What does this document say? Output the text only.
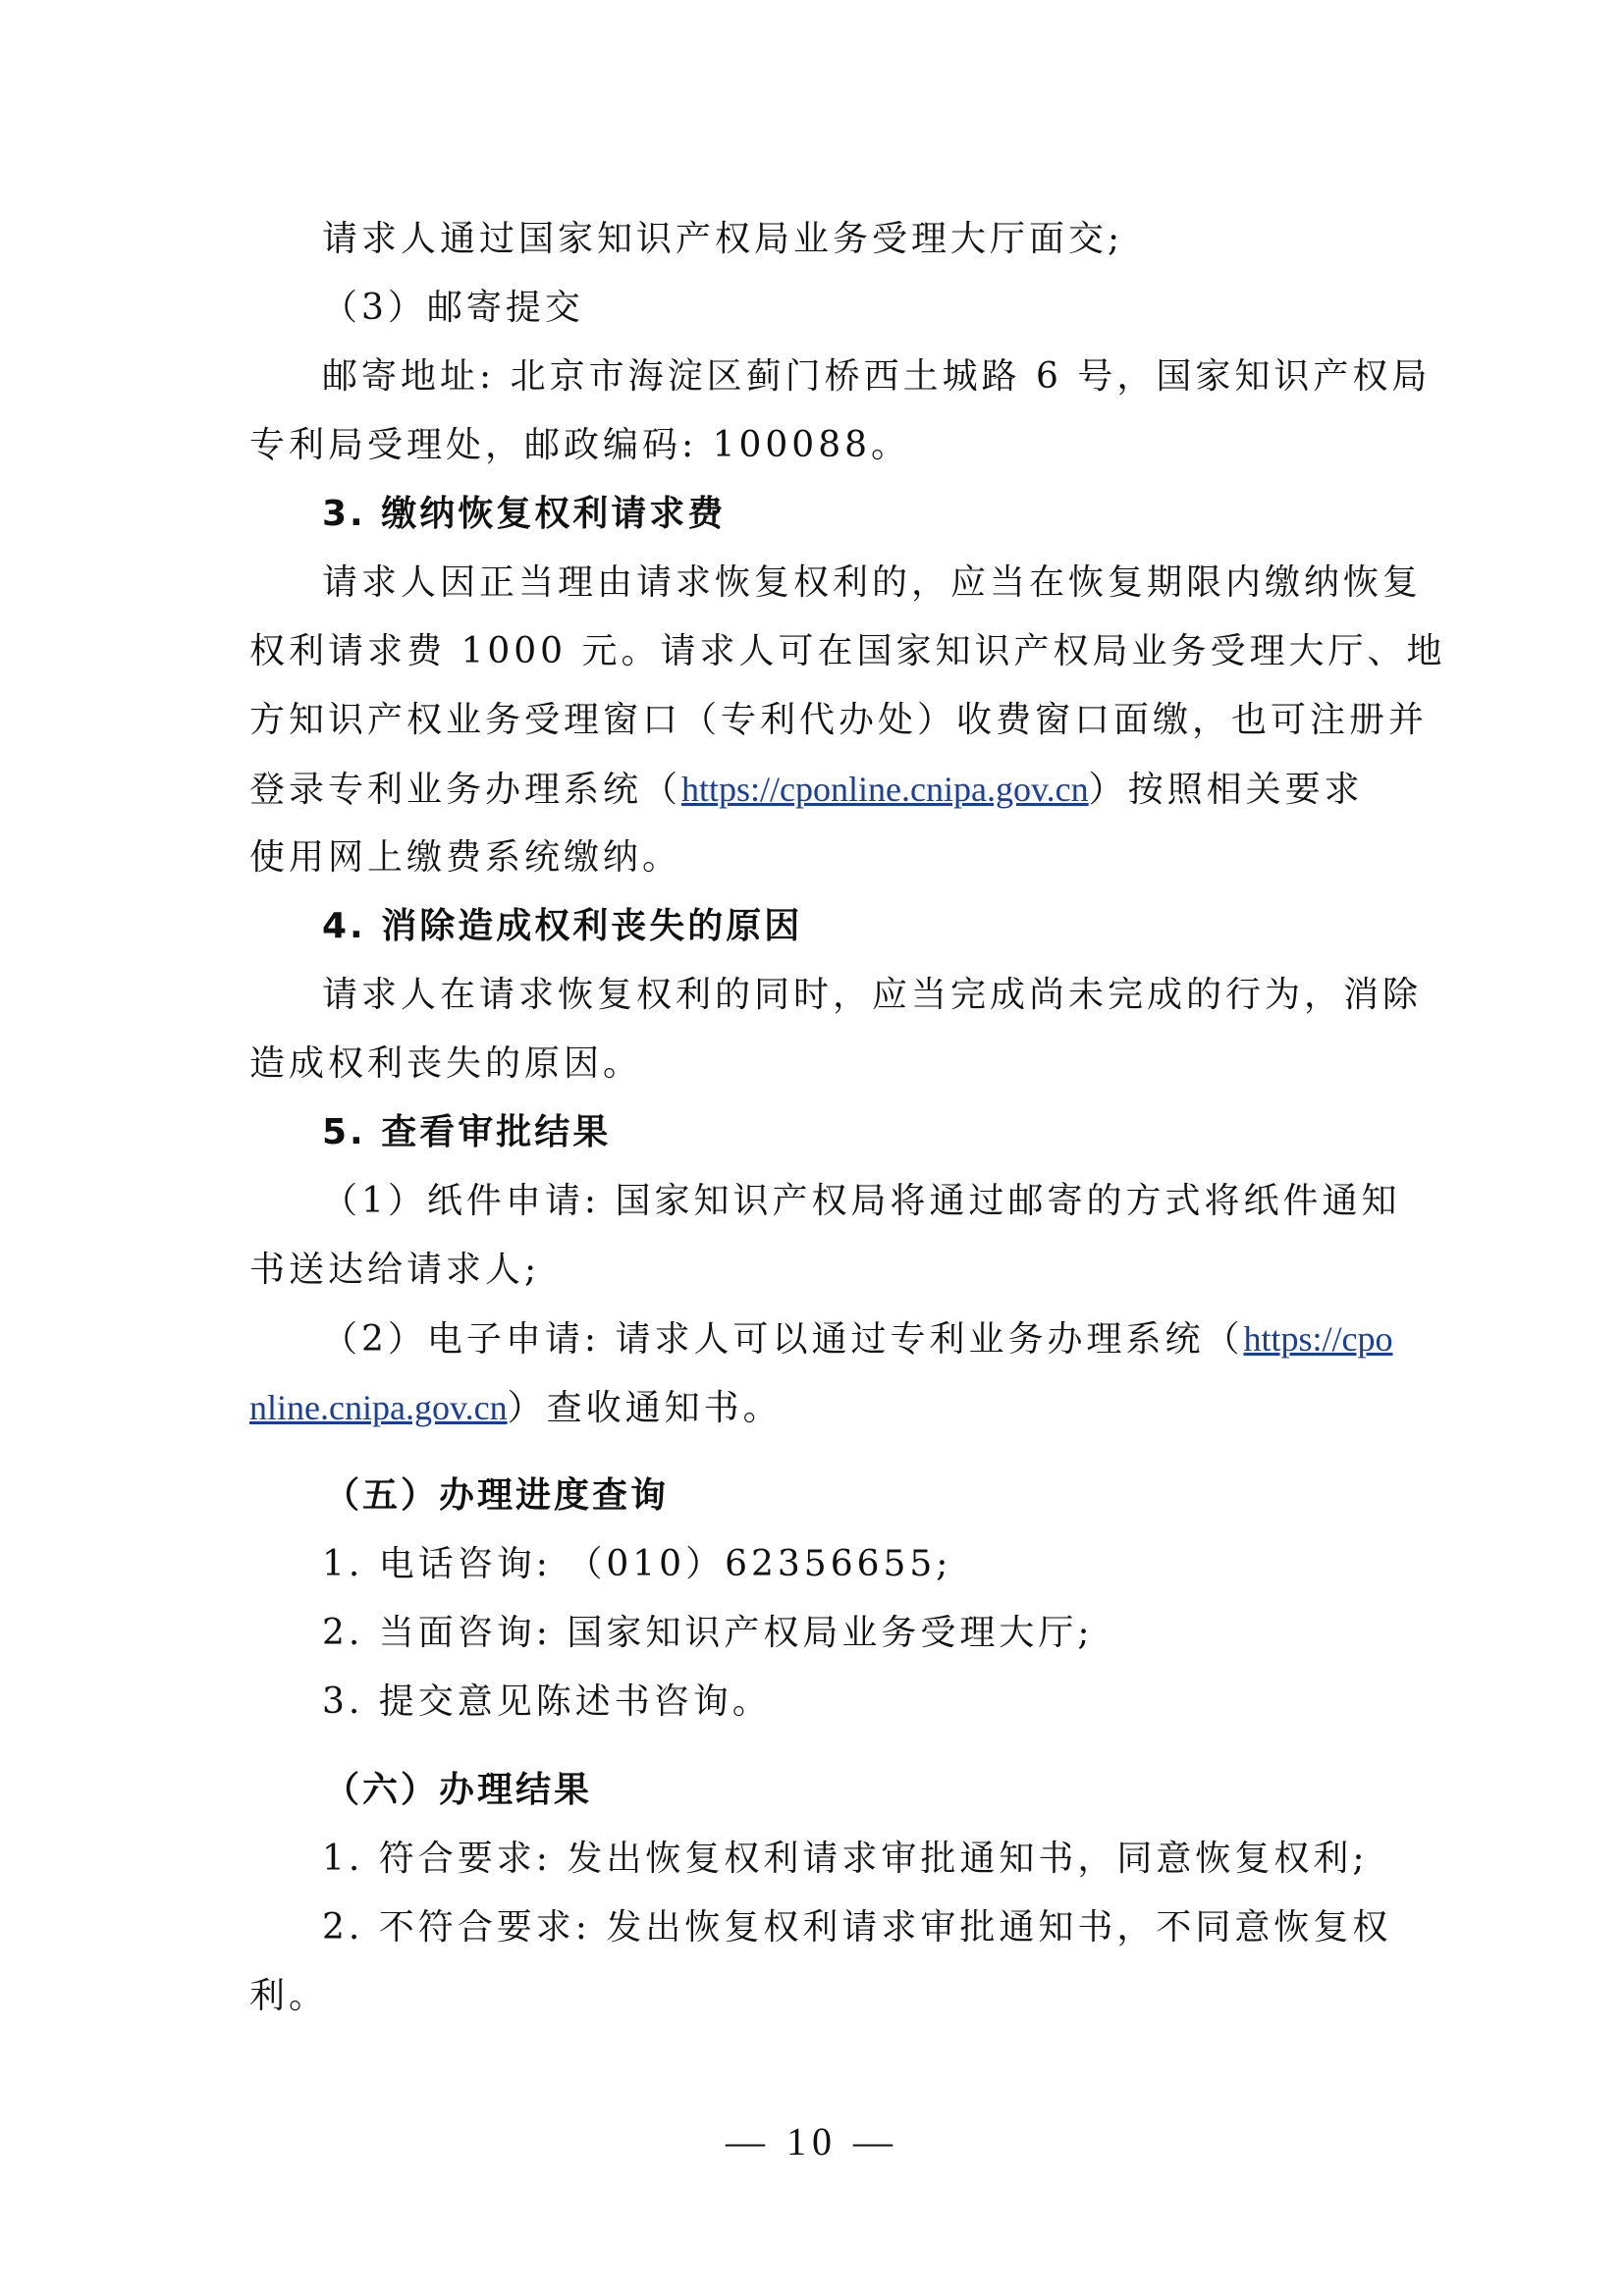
请求人通过国家知识产权局业务受理大厅面交;
（3）邮寄提交
邮寄地址: 北京市海淀区蓟门桥西土城路 6 号，国家知识产权局
专利局受理处，邮政编码: 100088。
3. 缴纳恢复权利请求费
请求人因正当理由请求恢复权利的，应当在恢复期限内缴纳恢复
权利请求费 1000 元。请求人可在国家知识产权局业务受理大厅、地
方知识产权业务受理窗口（专利代办处）收费窗口面缴，也可注册并
登录专利业务办理系统（https://cponline.cnipa.gov.cn）按照相关要求
使用网上缴费系统缴纳。
4. 消除造成权利丧失的原因
请求人在请求恢复权利的同时，应当完成尚未完成的行为，消除
造成权利丧失的原因。
5. 查看审批结果
（1）纸件申请: 国家知识产权局将通过邮寄的方式将纸件通知
书送达给请求人;
（2）电子申请: 请求人可以通过专利业务办理系统（https://cpo
nline.cnipa.gov.cn）查收通知书。
（五）办理进度查询
1. 电话咨询: （010）62356655;
2. 当面咨询: 国家知识产权局业务受理大厅;
3. 提交意见陈述书咨询。
（六）办理结果
1. 符合要求: 发出恢复权利请求审批通知书，同意恢复权利;
2. 不符合要求: 发出恢复权利请求审批通知书，不同意恢复权
利。
— 10 —
